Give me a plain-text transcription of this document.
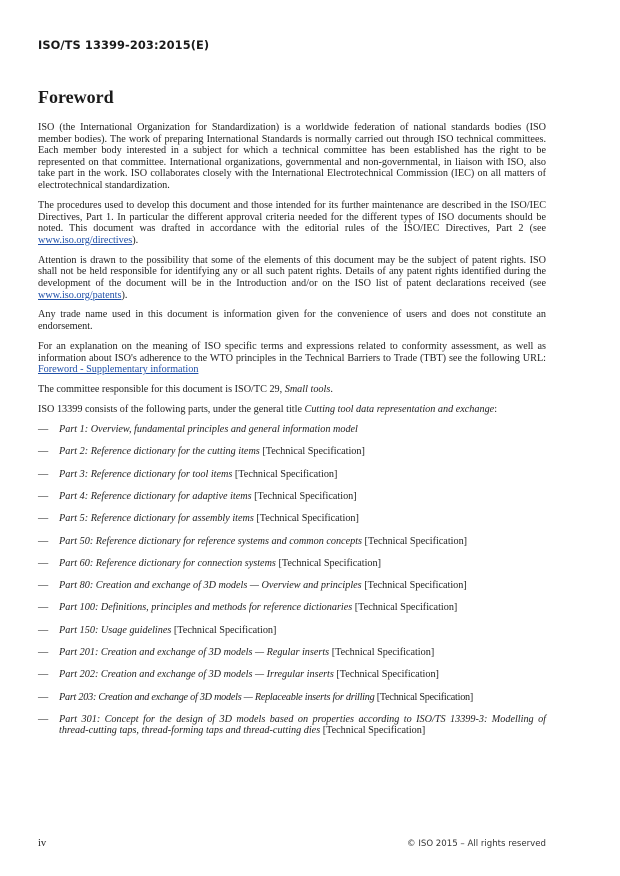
ISO/TS 13399-203:2015(E)
Foreword

ISO (the International Organization for Standardization) is a worldwide federation of national standards bodies (ISO member bodies). The work of preparing International Standards is normally carried out through ISO technical committees. Each member body interested in a subject for which a technical committee has been established has the right to be represented on that committee. International organizations, governmental and non-governmental, in liaison with ISO, also take part in the work. ISO collaborates closely with the International Electrotechnical Commission (IEC) on all matters of electrotechnical standardization.

The procedures used to develop this document and those intended for its further maintenance are described in the ISO/IEC Directives, Part 1. In particular the different approval criteria needed for the different types of ISO documents should be noted. This document was drafted in accordance with the editorial rules of the ISO/IEC Directives, Part 2 (see www.iso.org/directives).

Attention is drawn to the possibility that some of the elements of this document may be the subject of patent rights. ISO shall not be held responsible for identifying any or all such patent rights. Details of any patent rights identified during the development of the document will be in the Introduction and/or on the ISO list of patent declarations received (see www.iso.org/patents).

Any trade name used in this document is information given for the convenience of users and does not constitute an endorsement.

For an explanation on the meaning of ISO specific terms and expressions related to conformity assessment, as well as information about ISO's adherence to the WTO principles in the Technical Barriers to Trade (TBT) see the following URL: Foreword - Supplementary information

The committee responsible for this document is ISO/TC 29, Small tools.

ISO 13399 consists of the following parts, under the general title Cutting tool data representation and exchange:

— Part 1: Overview, fundamental principles and general information model
— Part 2: Reference dictionary for the cutting items [Technical Specification]
— Part 3: Reference dictionary for tool items [Technical Specification]
— Part 4: Reference dictionary for adaptive items [Technical Specification]
— Part 5: Reference dictionary for assembly items [Technical Specification]
— Part 50: Reference dictionary for reference systems and common concepts [Technical Specification]
— Part 60: Reference dictionary for connection systems [Technical Specification]
— Part 80: Creation and exchange of 3D models — Overview and principles [Technical Specification]
— Part 100: Definitions, principles and methods for reference dictionaries [Technical Specification]
— Part 150: Usage guidelines [Technical Specification]
— Part 201: Creation and exchange of 3D models — Regular inserts [Technical Specification]
— Part 202: Creation and exchange of 3D models — Irregular inserts [Technical Specification]
— Part 203: Creation and exchange of 3D models — Replaceable inserts for drilling [Technical Specification]
— Part 301: Concept for the design of 3D models based on properties according to ISO/TS 13399-3: Modelling of thread-cutting taps, thread-forming taps and thread-cutting dies [Technical Specification]
iv	© ISO 2015 – All rights reserved
